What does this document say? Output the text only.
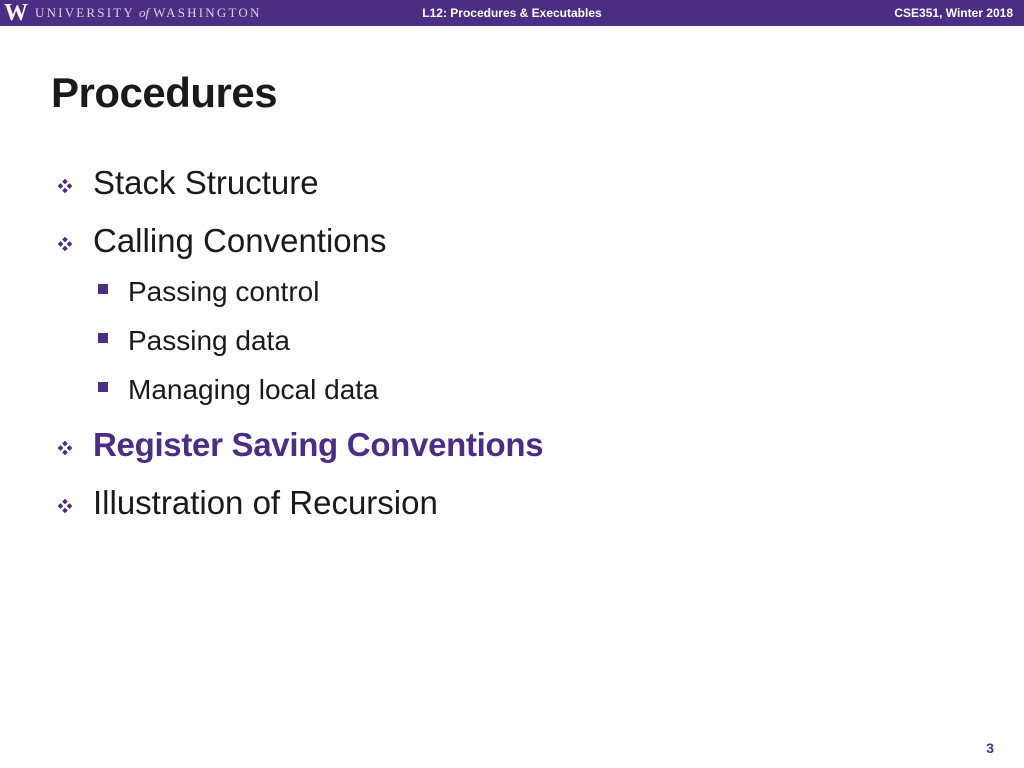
W UNIVERSITY of WASHINGTON	L12: Procedures & Executables	CSE351, Winter 2018
Procedures
Stack Structure
Calling Conventions
Passing control
Passing data
Managing local data
Register Saving Conventions
Illustration of Recursion
3
